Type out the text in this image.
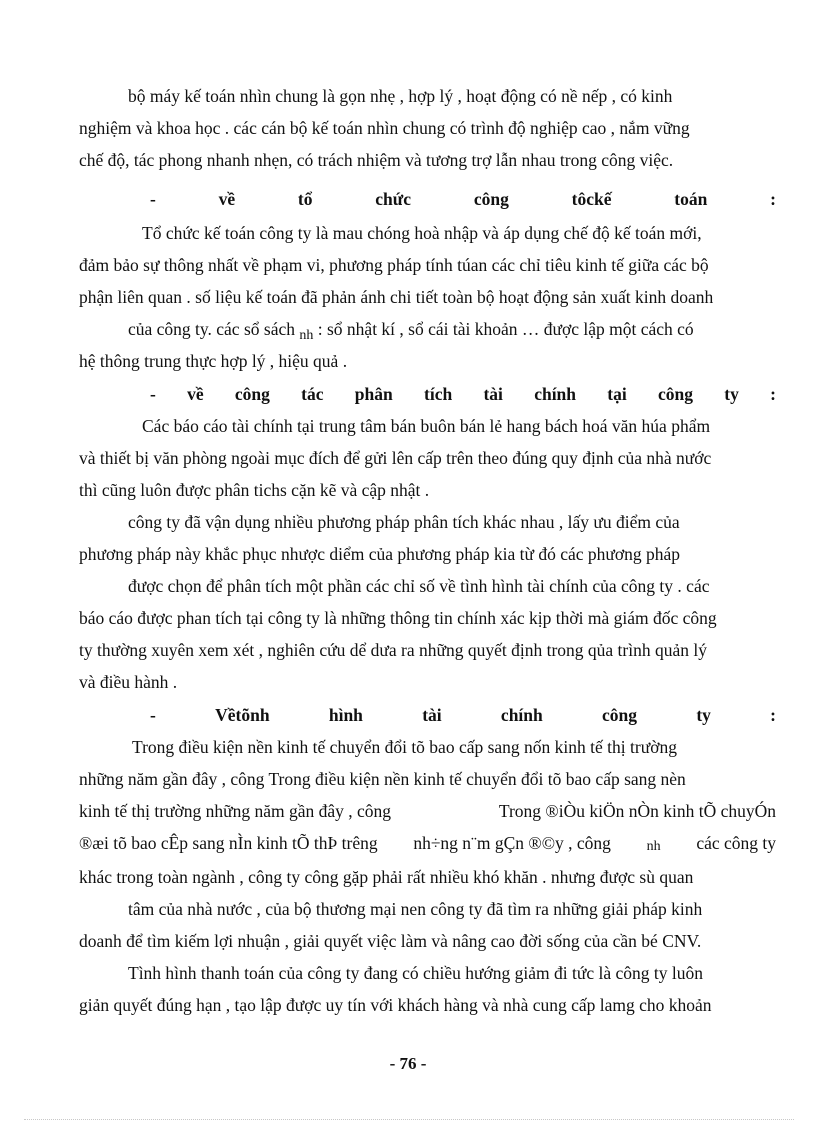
bộ máy kế toán nhìn chung là gọn nhẹ , hợp lý , hoạt động có nề nếp , có kinh
nghiệm và khoa học . các cán bộ kế toán nhìn chung có trình độ nghiệp cao , nắm vững
chế độ, tác phong nhanh nhẹn, có trách nhiệm và tương trợ lẫn nhau trong công việc.
-	về	tổ	chức	công	tôckế	toán	:
Tổ chức kế toán công ty là mau chóng hoà nhập và áp dụng chế độ kế toán mới,
đảm bảo sự thông nhất về phạm vi, phương pháp tính túan các chỉ tiêu kinh tế giữa các bộ
phận liên quan . số liệu kế toán đã phản ánh chi tiết toàn bộ hoạt động sản xuất kinh doanh
của công ty. các sổ sách $_{nh}$ : sổ nhật kí , sổ cái tài khoản … được lập một cách có
hệ thông trung thực hợp lý , hiệu quả .
- về công tác phân tích tài chính tại công ty :
Các báo cáo tài chính tại trung tâm bán buôn bán lẻ hang bách hoá văn húa phẩm
và thiết bị văn phòng ngoài mục đích để gửi lên cấp trên theo đúng quy định của nhà nước
thì cũng luôn được phân tichs cặn kẽ và cập nhật .
công ty đã vận dụng nhiều phương pháp phân tích khác nhau , lấy ưu điểm của
phương pháp này khắc phục nhược diểm của phương pháp kia từ đó các phương pháp
được chọn để phân tích một phần các chỉ số về tình hình tài chính của công ty . các
báo cáo được phan tích tại công ty là những thông tin chính xác kịp thời mà giám đốc công
ty thường xuyên xem xét , nghiên cứu dể dưa ra những quyết định trong qủa trình quản lý
và điều hành .
-	Vềtõnh	hình	tài	chính	công	ty	:
Trong điều kiện nền kinh tế chuyển đổi tõ bao cấp sang nốn kinh tế thị trường
những năm gần đây , công Trong điều kiện nền kinh tế chuyển đổi tõ bao cấp sang nèn
kinh tế thị trường những năm gần đây , công	Trong ®iÒu kiÖn nÒn kinh tÕ chuyÓn
®æi tõ bao cÊp sang nÌn kinh tÕ thÞ trêng nh÷ng n¨m gÇn ®©y , công	nh các công ty
khác trong toàn ngành , công ty công gặp phải rất nhiều khó khăn . nhưng được sù quan
tâm của nhà nước , của bộ thương mại nen công ty đã tìm ra những giải pháp kinh
doanh để tìm kiếm lợi nhuận , giải quyết việc làm và nâng cao đời sống của cần bé CNV.
Tình hình thanh toán của công ty đang có chiều hướng giảm đi tức là công ty luôn
giản quyết đúng hạn , tạo lập được uy tín với khách hàng và nhà cung cấp lamg cho khoản
- 76 -
